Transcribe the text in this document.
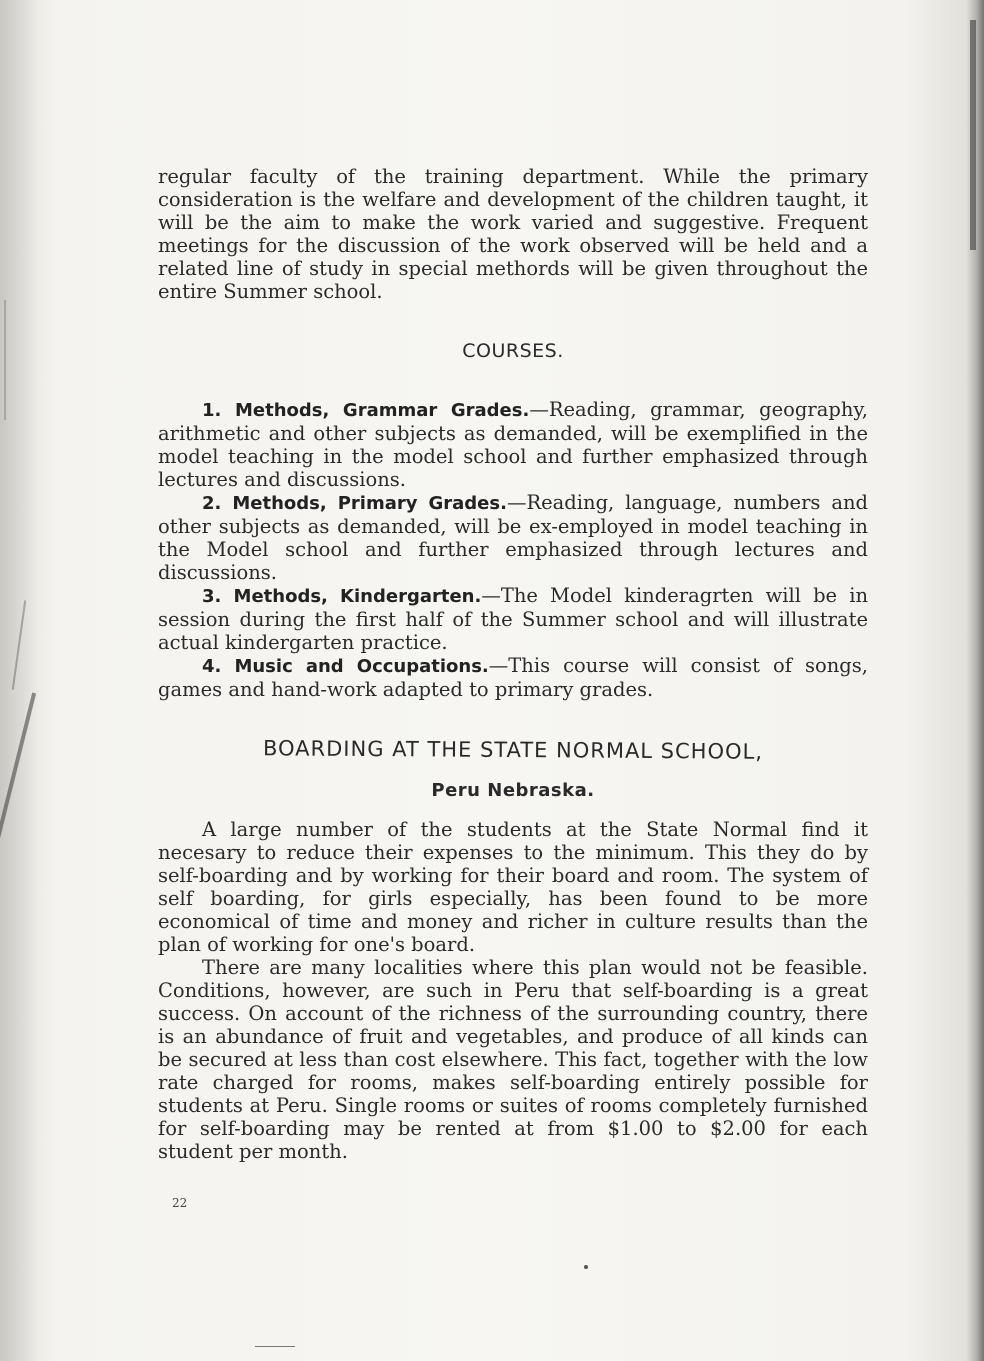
regular faculty of the training department. While the primary consideration is the welfare and development of the children taught, it will be the aim to make the work varied and suggestive. Frequent meetings for the discussion of the work observed will be held and a related line of study in special methords will be given throughout the entire Summer school.

COURSES.

1. Methods, Grammar Grades.—Reading, grammar, geography, arithmetic and other subjects as demanded, will be exemplified in the model teaching in the model school and further emphasized through lectures and discussions.

2. Methods, Primary Grades.—Reading, language, numbers and other subjects as demanded, will be ex-employed in model teaching in the Model school and further emphasized through lectures and discussions.

3. Methods, Kindergarten.—The Model kinderagrten will be in session during the first half of the Summer school and will illustrate actual kindergarten practice.

4. Music and Occupations.—This course will consist of songs, games and hand-work adapted to primary grades.

BOARDING AT THE STATE NORMAL SCHOOL,
Peru Nebraska.

A large number of the students at the State Normal find it necesary to reduce their expenses to the minimum. This they do by self-boarding and by working for their board and room. The system of self boarding, for girls especially, has been found to be more economical of time and money and richer in culture results than the plan of working for one's board.

There are many localities where this plan would not be feasible. Conditions, however, are such in Peru that self-boarding is a great success. On account of the richness of the surrounding country, there is an abundance of fruit and vegetables, and produce of all kinds can be secured at less than cost elsewhere. This fact, together with the low rate charged for rooms, makes self-boarding entirely possible for students at Peru. Single rooms or suites of rooms completely furnished for self-boarding may be rented at from $1.00 to $2.00 for each student per month.

22
